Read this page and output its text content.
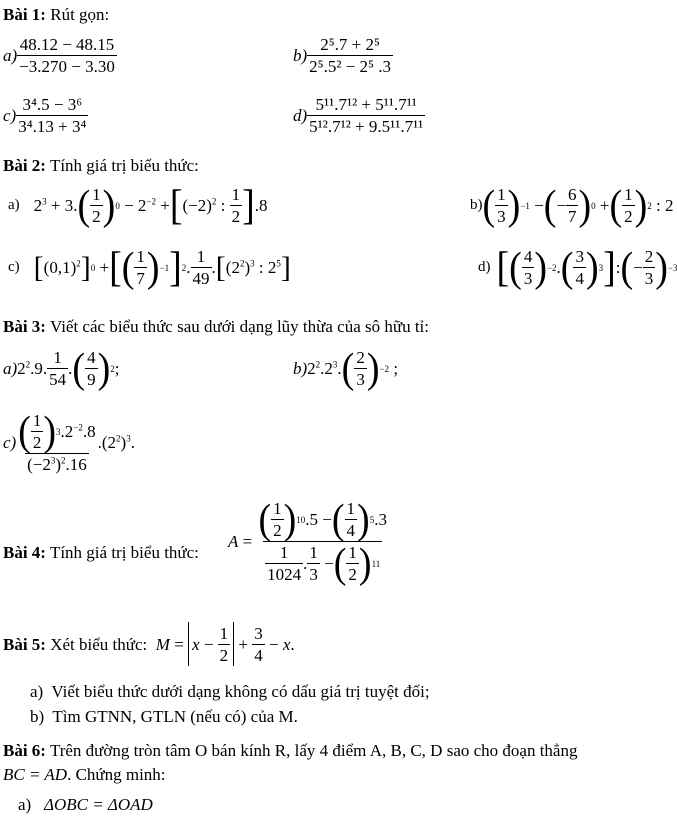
Bài 1: Rút gọn:
$a) \frac{48.12 - 48.15}{-3.270 - 3.30}$	$b) \frac{\text{2⁵.7 + 2⁵}}{\text{2⁵.5² − 2⁵ .3}}$
$c) \frac{\text{3⁴.5 − 3⁶}}{\text{3⁴.13 + 3⁴}}$	$d) \frac{\text{5¹¹.7¹² + 5¹¹.7¹¹}}{\text{5¹².7¹² + 9.5¹¹.7¹¹}}$
Bài 2: Tính giá trị biểu thức:
a) $2^3 + 3$. ( $\frac{1}{2}$ ) $0 - 2^{-2}$ + [ $(-2)^2$ : $\frac{1}{2}$ ] .8	b) ( $\frac{1}{3}$ ) −1 − ( − $\frac{6}{7}$ ) 0 + ( $\frac{1}{2}$ ) 2 : 2
c) [ $(0,1)^2$ ] 0 + [ ( $\frac{1}{7}$ ) −1 ] 2 . $\frac{1}{49}$ . [ $(2^2)^3$ : $2^5$ ]	d) [ ( $\frac{4}{3}$ ) −2 . ( $\frac{3}{4}$ ) 3 ] : ( − $\frac{2}{3}$ ) −3
Bài 3: Viết các biểu thức sau dưới dạng lũy thừa của sô hữu tỉ:
a) $2^2.9$. $\frac{1}{54}$ . ( $\frac{4}{9}$ ) 2 ;	b) $2^2.2^3$. ( $\frac{2}{3}$ ) −2 ;
$c) \frac{( \frac{1}{2} ) 3 .2^{-2}.8}{(-2^3)^2.16} .(2^2)^3$.
Bài 4: Tính giá trị biểu thức:
$A = \frac{( \frac{1}{2} ) 10 .5 - ( \frac{1}{4} ) 5 .3}{\frac{1}{1024} . \frac{1}{3} - ( \frac{1}{2} ) 11}$
Bài 5:
Xét biểu thức:
$M = x - \frac{1}{2} + \frac{3}{4} - x$ .
a) Viết biểu thức dưới dạng không có dấu giá trị tuyệt đối;
b) Tìm GTNN, GTLN (nếu có) của M.
Bài 6: Trên đường tròn tâm O bán kính R, lấy 4 điểm A, B, C, D sao cho đoạn thẳng
BC = AD. Chứng minh:
a) ΔOBC = ΔOAD
